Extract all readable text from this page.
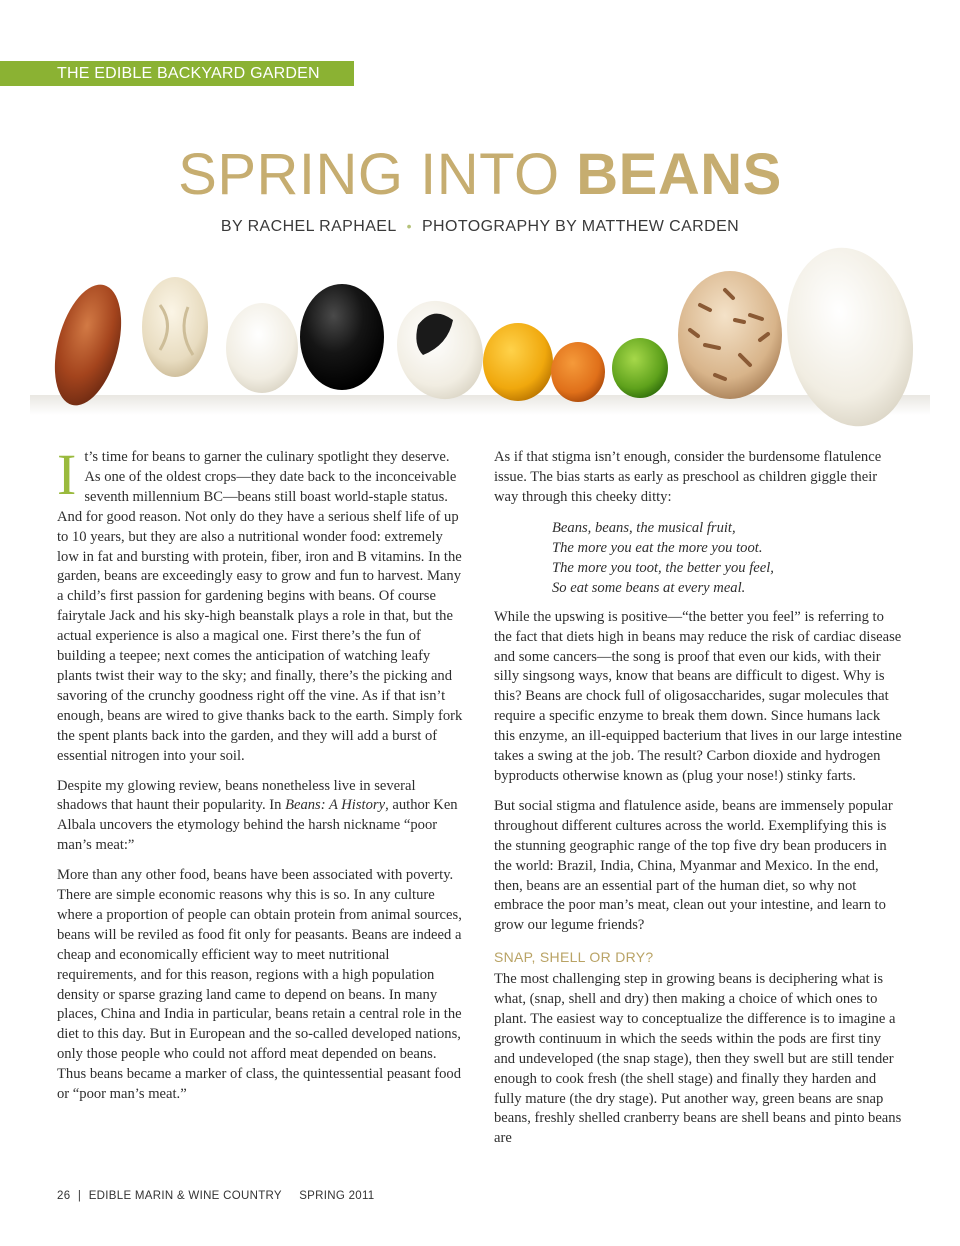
THE EDIBLE BACKYARD GARDEN
SPRING INTO BEANS
BY RACHEL RAPHAEL • PHOTOGRAPHY BY MATTHEW CARDEN

It’s time for beans to garner the culinary spotlight they deserve. As one of the oldest crops—they date back to the inconceivable seventh millennium BC—beans still boast world-staple status. And for good reason. Not only do they have a serious shelf life of up to 10 years, but they are also a nutritional wonder food: extremely low in fat and bursting with protein, fiber, iron and B vitamins. In the garden, beans are exceedingly easy to grow and fun to harvest. Many a child’s first passion for gardening begins with beans. Of course fairytale Jack and his sky-high beanstalk plays a role in that, but the actual experience is also a magical one. First there’s the fun of building a teepee; next comes the anticipation of watching leafy plants twist their way to the sky; and finally, there’s the picking and savoring of the crunchy goodness right off the vine. As if that isn’t enough, beans are wired to give thanks back to the earth. Simply fork the spent plants back into the garden, and they will add a burst of essential nitrogen into your soil.

Despite my glowing review, beans nonetheless live in several shadows that haunt their popularity. In Beans: A History, author Ken Albala uncovers the etymology behind the harsh nickname “poor man’s meat:”

More than any other food, beans have been associated with poverty. There are simple economic reasons why this is so. In any culture where a proportion of people can obtain protein from animal sources, beans will be reviled as food fit only for peasants. Beans are indeed a cheap and economically efficient way to meet nutritional requirements, and for this reason, regions with a high population density or sparse grazing land came to depend on beans. In many places, China and India in particular, beans retain a central role in the diet to this day. But in European and the so-called developed nations, only those people who could not afford meat depended on beans. Thus beans became a marker of class, the quintessential peasant food or “poor man’s meat.”

As if that stigma isn’t enough, consider the burdensome flatulence issue. The bias starts as early as preschool as children giggle their way through this cheeky ditty:

Beans, beans, the musical fruit,
The more you eat the more you toot.
The more you toot, the better you feel,
So eat some beans at every meal.

While the upswing is positive—“the better you feel” is referring to the fact that diets high in beans may reduce the risk of cardiac disease and some cancers—the song is proof that even our kids, with their silly singsong ways, know that beans are difficult to digest. Why is this? Beans are chock full of oligosaccharides, sugar molecules that require a specific enzyme to break them down. Since humans lack this enzyme, an ill-equipped bacterium that lives in our large intestine takes a swing at the job. The result? Carbon dioxide and hydrogen byproducts otherwise known as (plug your nose!) stinky farts.

But social stigma and flatulence aside, beans are immensely popular throughout different cultures across the world. Exemplifying this is the stunning geographic range of the top five dry bean producers in the world: Brazil, India, China, Myanmar and Mexico. In the end, then, beans are an essential part of the human diet, so why not embrace the poor man’s meat, clean out your intestine, and learn to grow our legume friends?

SNAP, SHELL OR DRY?

The most challenging step in growing beans is deciphering what is what, (snap, shell and dry) then making a choice of which ones to plant. The easiest way to conceptualize the difference is to imagine a growth continuum in which the seeds within the pods are first tiny and undeveloped (the snap stage), then they swell but are still tender enough to cook fresh (the shell stage) and finally they harden and fully mature (the dry stage). Put another way, green beans are snap beans, freshly shelled cranberry beans are shell beans and pinto beans are

26 | EDIBLE MARIN & WINE COUNTRY SPRING 2011
